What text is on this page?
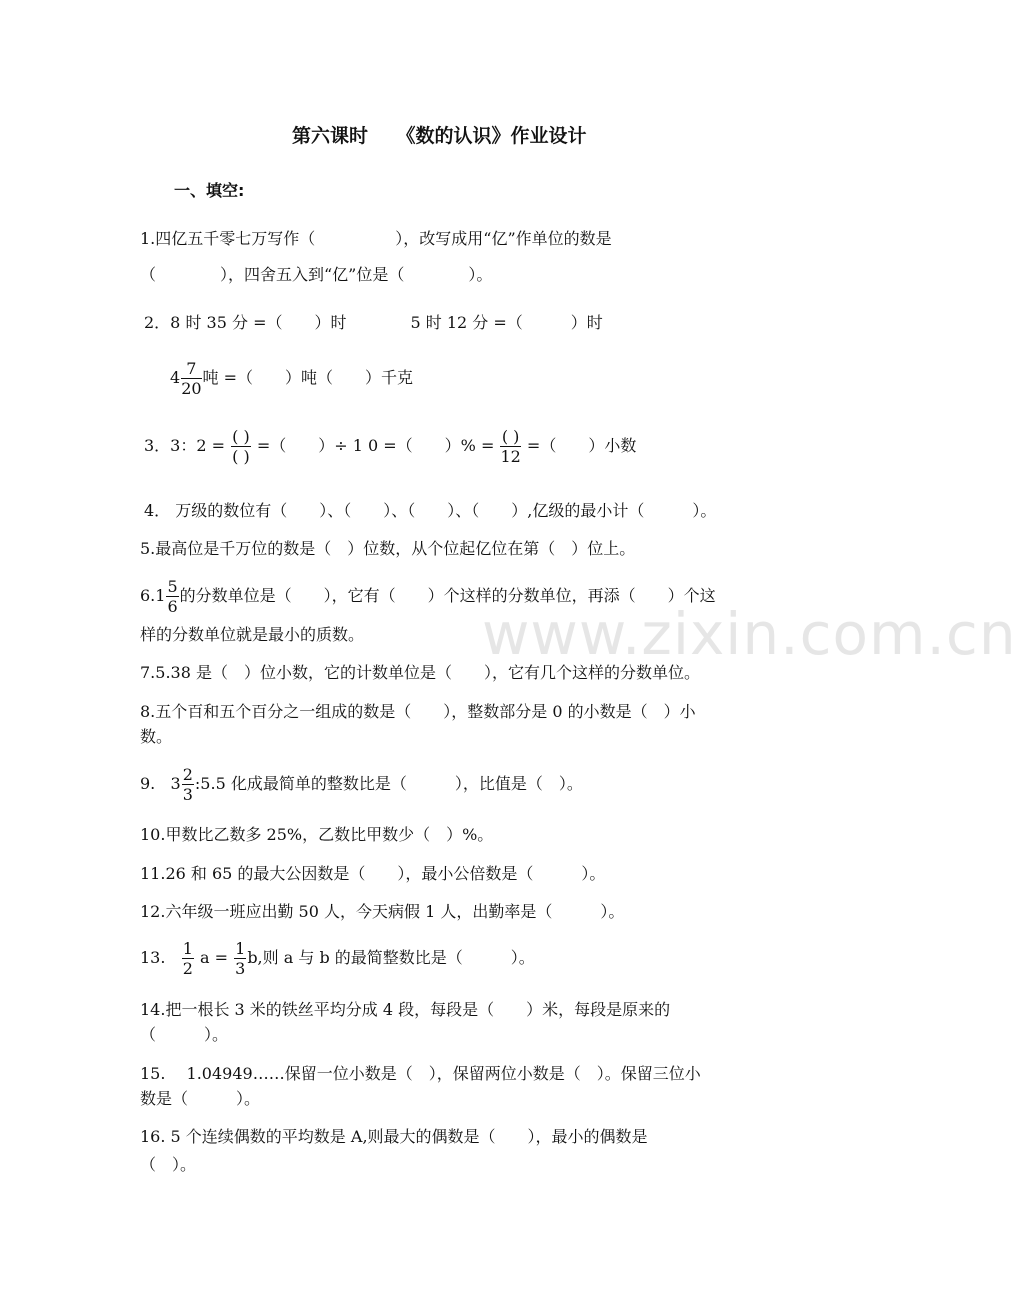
www.zixin.com.cn
第六课时　　《数的认识》作业设计
一、填空:
1.四亿五千零七万写作（　　　　　），改写成用“亿”作单位的数是
（　　　　），四舍五入到“亿”位是（　　　　）。
2．8 时 35 分 =（　　）时　　　　5 时 12 分 =（　　　）时
$4 \frac{7}{20}$ 吨 =（　　）吨（　　）千克
3．3：2 = ( )
( )
=（　　）÷ 1 0 =（　　）% = ( )
12
=（　　）小数
4． 万级的数位有（　　）、（　　）、（　　）、（　　）,亿级的最小计（　　　）。
5.最高位是千万位的数是（　）位数，从个位起亿位在第（　）位上。
$6.1 \frac{5}{6}$ 的分数单位是（　　），它有（　　）个这样的分数单位，再添（　　）个这
样的分数单位就是最小的质数。
7.5.38 是（　）位小数，它的计数单位是（　　），它有几个这样的分数单位。
8.五个百和五个百分之一组成的数是（　　），整数部分是 0 的小数是（　）小
数。
9. $3 \frac{2}{3}$ :5.5 化成最简单的整数比是（　　　），比值是（　）。
10.甲数比乙数多 25%，乙数比甲数少（　）%。
11.26 和 65 的最大公因数是（　　），最小公倍数是（　　　）。
12.六年级一班应出勤 50 人，今天病假 1 人，出勤率是（　　　）。
13. $\frac{1}{2}$ $a = \frac{1}{3} b$,则 a 与 b 的最简整数比是（　　　）。
14.把一根长 3 米的铁丝平均分成 4 段，每段是（　　）米，每段是原来的
（　　　）。
15.　 1.04949……保留一位小数是（　），保留两位小数是（　）。保留三位小
数是（　　　）。
16. 5 个连续偶数的平均数是 A,则最大的偶数是（　　），最小的偶数是
（　）。
